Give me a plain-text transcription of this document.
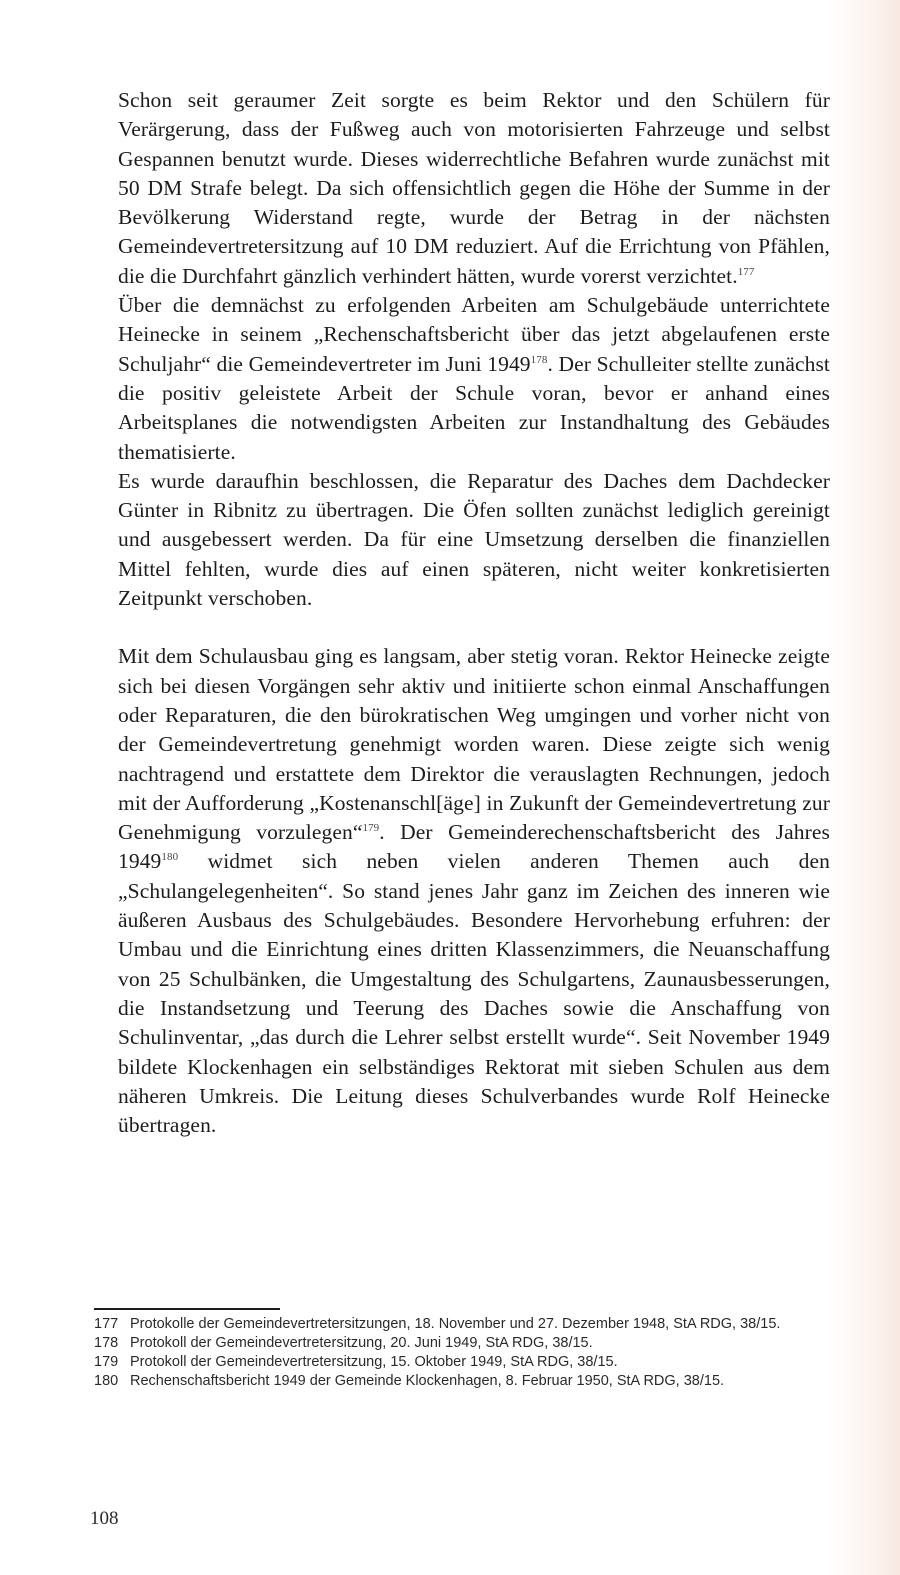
Schon seit geraumer Zeit sorgte es beim Rektor und den Schülern für Verärgerung, dass der Fußweg auch von motorisierten Fahrzeuge und selbst Gespannen benutzt wurde. Dieses widerrechtliche Befahren wurde zunächst mit 50 DM Strafe belegt. Da sich offensichtlich gegen die Höhe der Summe in der Bevölkerung Widerstand regte, wurde der Betrag in der nächsten Gemeindevertretersitzung auf 10 DM reduziert. Auf die Errichtung von Pfählen, die die Durchfahrt gänzlich verhindert hätten, wurde vorerst verzichtet.$^{177}$

Über die demnächst zu erfolgenden Arbeiten am Schulgebäude unterrichtete Heinecke in seinem „Rechenschaftsbericht über das jetzt abgelaufenen erste Schuljahr“ die Gemeindevertreter im Juni 1949$^{178}$. Der Schulleiter stellte zunächst die positiv geleistete Arbeit der Schule voran, bevor er anhand eines Arbeitsplanes die notwendigsten Arbeiten zur Instandhaltung des Gebäudes thematisierte.

Es wurde daraufhin beschlossen, die Reparatur des Daches dem Dachdecker Günter in Ribnitz zu übertragen. Die Öfen sollten zunächst lediglich gereinigt und ausgebessert werden. Da für eine Umsetzung derselben die finanziellen Mittel fehlten, wurde dies auf einen späteren, nicht weiter konkretisierten Zeitpunkt verschoben.

Mit dem Schulausbau ging es langsam, aber stetig voran. Rektor Heinecke zeigte sich bei diesen Vorgängen sehr aktiv und initiierte schon einmal Anschaffungen oder Reparaturen, die den bürokratischen Weg umgingen und vorher nicht von der Gemeindevertretung genehmigt worden waren. Diese zeigte sich wenig nachtragend und erstattete dem Direktor die verauslagten Rechnungen, jedoch mit der Aufforderung „Kostenanschl[äge] in Zukunft der Gemeindevertretung zur Genehmigung vorzulegen“$^{179}$. Der Gemeinderechenschaftsbericht des Jahres 1949$^{180}$ widmet sich neben vielen anderen Themen auch den „Schulangelegenheiten“. So stand jenes Jahr ganz im Zeichen des inneren wie äußeren Ausbaus des Schulgebäudes. Besondere Hervorhebung erfuhren: der Umbau und die Einrichtung eines dritten Klassenzimmers, die Neuanschaffung von 25 Schulbänken, die Umgestaltung des Schulgartens, Zaunausbesserungen, die Instandsetzung und Teerung des Daches sowie die Anschaffung von Schulinventar, „das durch die Lehrer selbst erstellt wurde“. Seit November 1949 bildete Klockenhagen ein selbständiges Rektorat mit sieben Schulen aus dem näheren Umkreis. Die Leitung dieses Schulverbandes wurde Rolf Heinecke übertragen.

177 Protokolle der Gemeindevertretersitzungen, 18. November und 27. Dezember 1948, StA RDG, 38/15.
178 Protokoll der Gemeindevertretersitzung, 20. Juni 1949, StA RDG, 38/15.
179 Protokoll der Gemeindevertretersitzung, 15. Oktober 1949, StA RDG, 38/15.
180 Rechenschaftsbericht 1949 der Gemeinde Klockenhagen, 8. Februar 1950, StA RDG, 38/15.
108
